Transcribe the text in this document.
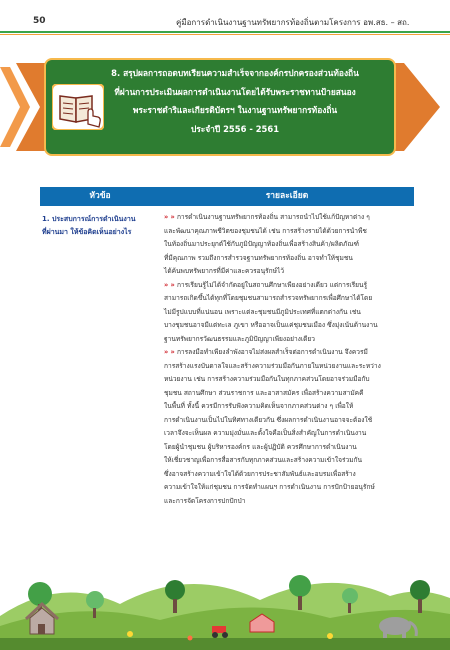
50	คู่มือการดำเนินงานฐานทรัพยากรท้องถิ่นตามโครงการ อพ.สธ. – สถ.
8. สรุปผลการถอดบทเรียนความสำเร็จจากองค์กรปกครองส่วนท้องถิ่น
ที่ผ่านการประเมินผลการดำเนินงานโดยได้รับพระราชทานป้ายสนอง
พระราชดำริและเกียรติบัตรฯ ในงานฐานทรัพยากรท้องถิ่น
ประจำปี 2556 - 2561
หัวข้อ	รายละเอียด
1. ประสบการณ์การดำเนินงาน
ที่ผ่านมา ให้ข้อคิดเห็นอย่างไร
» » การดำเนินงานฐานทรัพยากรท้องถิ่น สามารถนำไปใช้แก้ปัญหาต่าง ๆ
และพัฒนาคุณภาพชีวิตของชุมชนได้ เช่น การสร้างรายได้ด้วยการนำพืช
ในท้องถิ่นมาประยุกต์ใช้กับภูมิปัญญาท้องถิ่นเพื่อสร้างสินค้า/ผลิตภัณฑ์
ที่มีคุณภาพ รวมถึงการสำรวจฐานทรัพยากรท้องถิ่น อาจทำให้ชุมชน
ได้ค้นพบทรัพยากรที่มีค่าและควรอนุรักษ์ไว้
» » การเรียนรู้ไม่ได้จำกัดอยู่ในสถานศึกษาเพียงอย่างเดียว แต่การเรียนรู้
สามารถเกิดขึ้นได้ทุกที่โดยชุมชนสามารถสำรวจทรัพยากรเพื่อศึกษาได้โดย
ไม่มีรูปแบบที่แน่นอน เพราะแต่ละชุมชนมีภูมิประเทศที่แตกต่างกัน เช่น
บางชุมชนอาจมีแต่ทะเล ภูเขา หรืออาจเป็นแค่ชุมชนเมือง ซึ่งมุ่งเน้นด้านงาน
ฐานทรัพยากรวัฒนธรรมและภูมิปัญญาเพียงอย่างเดียว
» » การลงมือทำเพียงลำพังอาจไม่ส่งผลสำเร็จต่อการดำเนินงาน จึงควรมี
การสร้างแรงบันดาลใจและสร้างความร่วมมือกันภายในหน่วยงานและระหว่าง
หน่วยงาน เช่น การสร้างความร่วมมือกันในทุกภาคส่วนโดยอาจร่วมมือกับ
ชุมชน สถานศึกษา ส่วนราชการ และอาสาสมัคร เพื่อสร้างความสามัคคี
ในพื้นที่ ทั้งนี้ ควรมีการรับฟังความคิดเห็นจากภาคส่วนต่าง ๆ เพื่อให้
การดำเนินงานเป็นไปในทิศทางเดียวกัน ซึ่งผลการดำเนินงานอาจจะต้องใช้
เวลาจึงจะเห็นผล ความมุ่งมั่นและตั้งใจคือเป็นสิ่งสำคัญในการดำเนินงาน
โดยผู้นำชุมชน ผู้บริหารองค์กร และผู้ปฏิบัติ ควรศึกษาการดำเนินงาน
ให้เชี่ยวชาญเพื่อการสื่อสารกับทุกภาคส่วนและสร้างความเข้าใจร่วมกัน
ซึ่งอาจสร้างความเข้าใจได้ด้วยการประชาสัมพันธ์และอบรมเพื่อสร้าง
ความเข้าใจให้แก่ชุมชน การจัดทำแผนฯ การดำเนินงาน การปักป้ายอนุรักษ์
และการจัดโครงการปกปักป่า
